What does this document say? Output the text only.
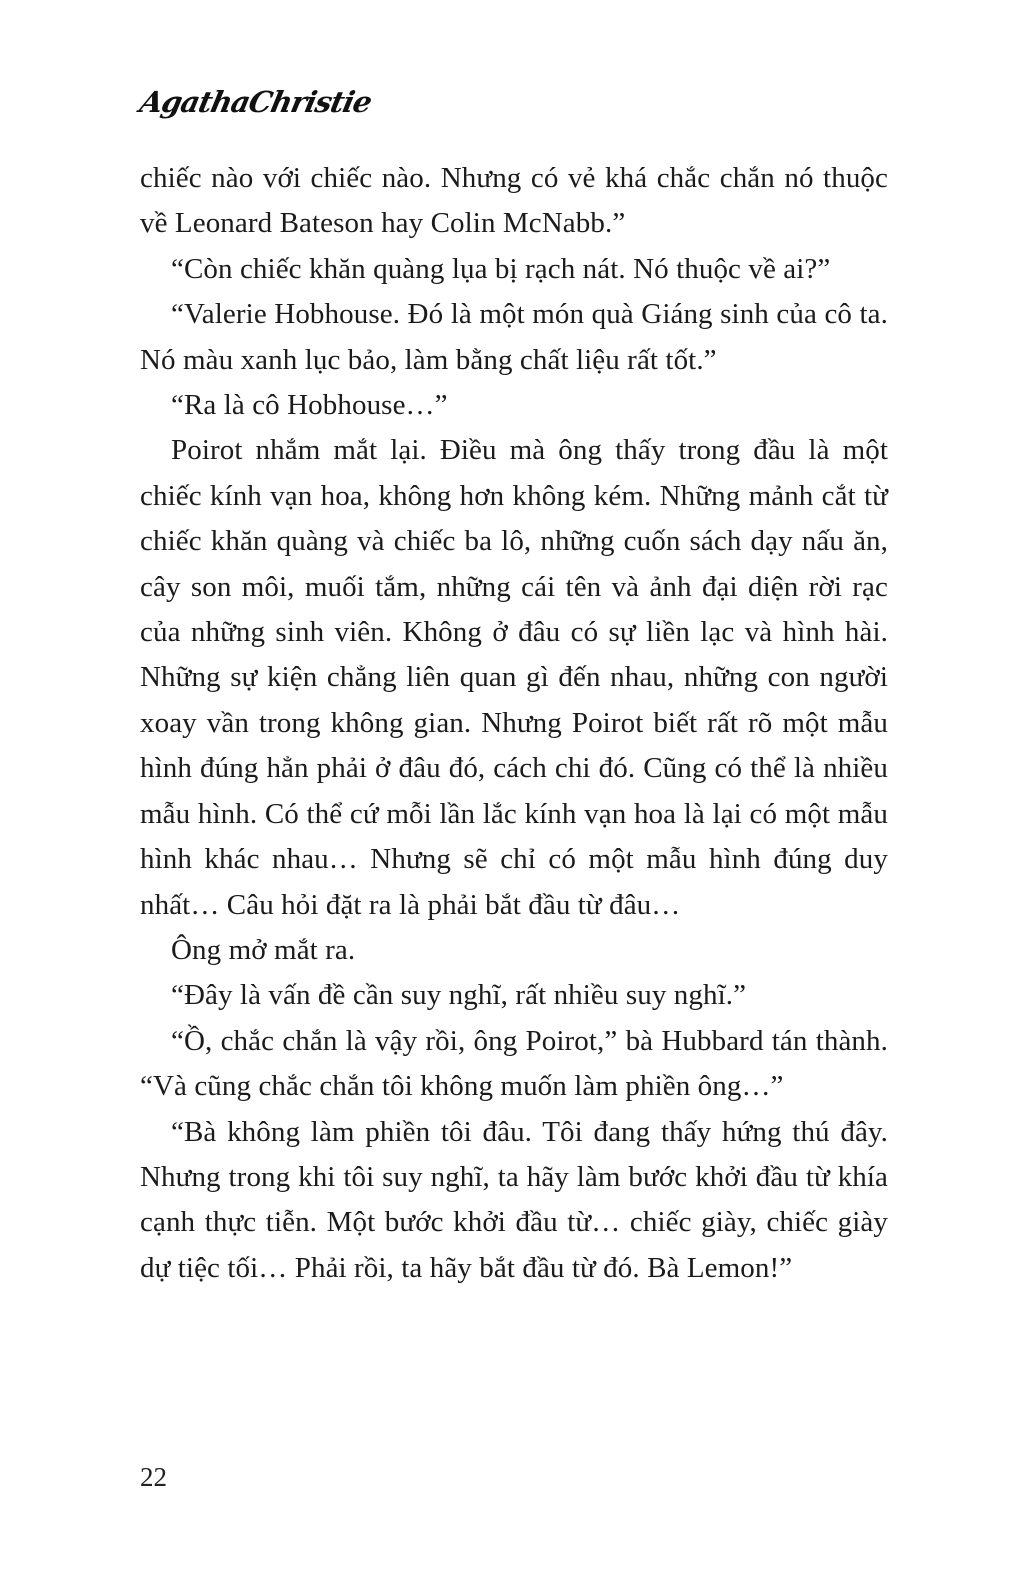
AgathaChristie

chiếc nào với chiếc nào. Nhưng có vẻ khá chắc chắn nó thuộc về Leonard Bateson hay Colin McNabb.”

“Còn chiếc khăn quàng lụa bị rạch nát. Nó thuộc về ai?”

“Valerie Hobhouse. Đó là một món quà Giáng sinh của cô ta. Nó màu xanh lục bảo, làm bằng chất liệu rất tốt.”

“Ra là cô Hobhouse…”

Poirot nhắm mắt lại. Điều mà ông thấy trong đầu là một chiếc kính vạn hoa, không hơn không kém. Những mảnh cắt từ chiếc khăn quàng và chiếc ba lô, những cuốn sách dạy nấu ăn, cây son môi, muối tắm, những cái tên và ảnh đại diện rời rạc của những sinh viên. Không ở đâu có sự liền lạc và hình hài. Những sự kiện chẳng liên quan gì đến nhau, những con người xoay vần trong không gian. Nhưng Poirot biết rất rõ một mẫu hình đúng hẳn phải ở đâu đó, cách chi đó. Cũng có thể là nhiều mẫu hình. Có thể cứ mỗi lần lắc kính vạn hoa là lại có một mẫu hình khác nhau… Nhưng sẽ chỉ có một mẫu hình đúng duy nhất… Câu hỏi đặt ra là phải bắt đầu từ đâu…

Ông mở mắt ra.

“Đây là vấn đề cần suy nghĩ, rất nhiều suy nghĩ.”

“Ồ, chắc chắn là vậy rồi, ông Poirot,” bà Hubbard tán thành. “Và cũng chắc chắn tôi không muốn làm phiền ông…”

“Bà không làm phiền tôi đâu. Tôi đang thấy hứng thú đây. Nhưng trong khi tôi suy nghĩ, ta hãy làm bước khởi đầu từ khía cạnh thực tiễn. Một bước khởi đầu từ… chiếc giày, chiếc giày dự tiệc tối… Phải rồi, ta hãy bắt đầu từ đó. Bà Lemon!”

22
